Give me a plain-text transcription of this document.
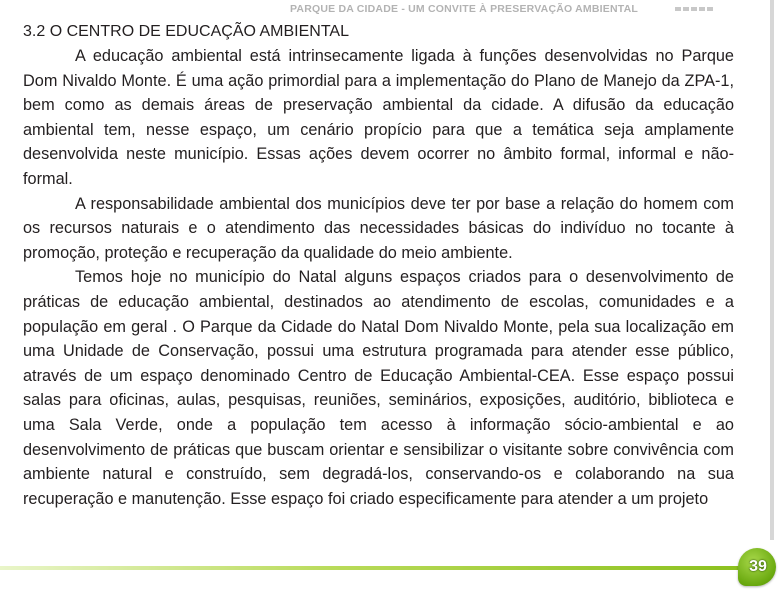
PARQUE DA CIDADE - UM CONVITE À PRESERVAÇÃO AMBIENTAL
3.2 O CENTRO DE EDUCAÇÃO AMBIENTAL

A educação ambiental está intrinsecamente ligada à funções desenvolvidas no Parque Dom Nivaldo Monte. É uma ação primordial para a implementação do Plano de Manejo da ZPA-1, bem como as demais áreas de preservação ambiental da cidade. A difusão da educação ambiental tem, nesse espaço, um cenário propício para que a temática seja amplamente desenvolvida neste município. Essas ações devem ocorrer no âmbito formal, informal e não-formal.

A responsabilidade ambiental dos municípios deve ter por base a relação do homem com os recursos naturais e o atendimento das necessidades básicas do indivíduo no tocante à promoção, proteção e recuperação da qualidade do meio ambiente.

Temos hoje no município do Natal alguns espaços criados para o desenvolvimento de práticas de educação ambiental, destinados ao atendimento de escolas, comunidades e a população em geral . O Parque da Cidade do Natal Dom Nivaldo Monte, pela sua localização em uma Unidade de Conservação, possui uma estrutura programada para atender esse público, através de um espaço denominado Centro de Educação Ambiental-CEA. Esse espaço possui salas para oficinas, aulas, pesquisas, reuniões, seminários, exposições, auditório, biblioteca e uma Sala Verde, onde a população tem acesso à informação sócio-ambiental e ao desenvolvimento de práticas que buscam orientar e sensibilizar o visitante sobre convivência com ambiente natural e construído, sem degradá-los, conservando-os e colaborando na sua recuperação e manutenção. Esse espaço foi criado especificamente para atender a um projeto

39
